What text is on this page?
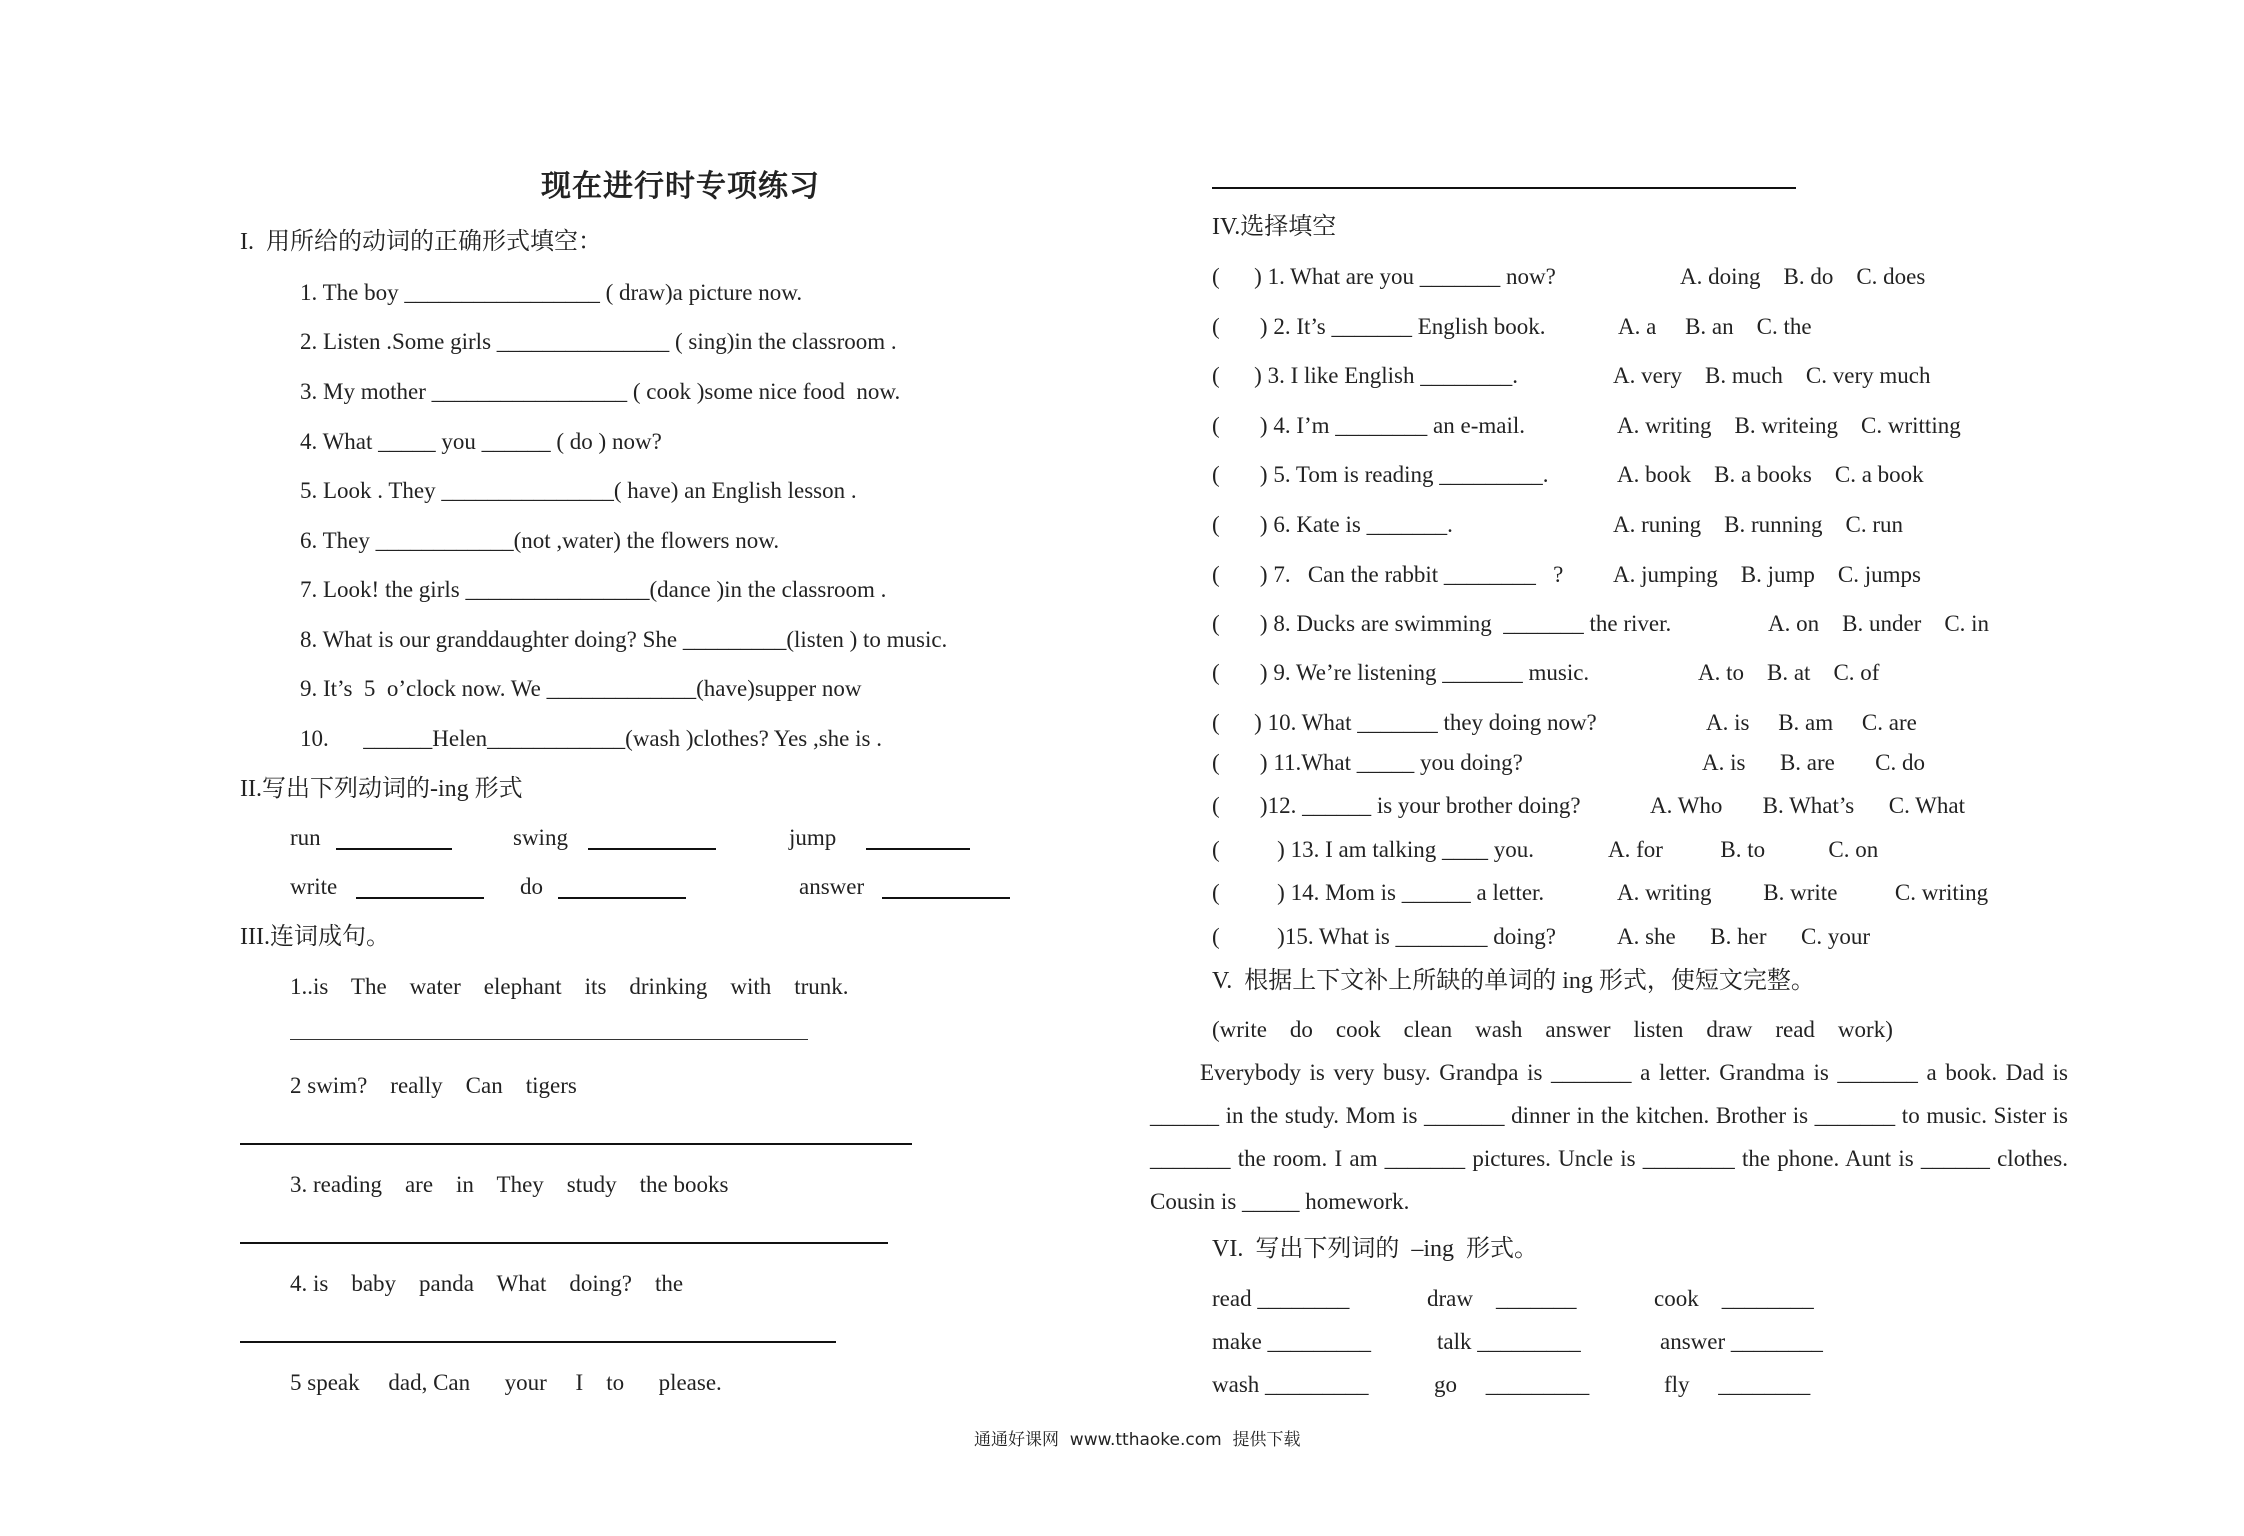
现在进行时专项练习
I.  用所给的动词的正确形式填空：
1. The boy _________________ ( draw)a picture now.
2. Listen .Some girls _______________ ( sing)in the classroom .
3. My mother _________________ ( cook )some nice food  now.
4. What _____ you ______ ( do ) now?
5. Look . They _______________( have) an English lesson .
6. They ____________(not ,water) the flowers now.
7. Look! the girls ________________(dance )in the classroom .
8. What is our granddaughter doing? She _________(listen ) to music.
9. It’s  5  o’clock now. We _____________(have)supper now
10.      ______Helen____________(wash )clothes? Yes ,she is .
II.写出下列动词的-ing 形式
run	swing	jump
write	do	answer
III.连词成句。
1..is    The    water    elephant    its    drinking    with    trunk.
2 swim?    really    Can    tigers
3. reading    are    in    They    study    the books
4. is    baby    panda    What    doing?    the
5 speak     dad, Can      your     I    to      please.
IV.选择填空
(      ) 1. What are you _______ now?	A. doing    B. do    C. does
(       ) 2. It’s _______ English book.	A. a     B. an    C. the
(      ) 3. I like English ________.	A. very    B. much    C. very much
(       ) 4. I’m ________ an e-mail.	A. writing    B. writeing    C. writting
(       ) 5. Tom is reading _________.	A. book    B. a books    C. a book
(       ) 6. Kate is _______.	A. runing    B. running    C. run
(       ) 7.   Can the rabbit ________   ? A. jumping    B. jump    C. jumps
(       ) 8. Ducks are swimming  _______ the river.	A. on    B. under    C. in
(       ) 9. We’re listening _______ music.	A. to    B. at    C. of
(      ) 10. What _______ they doing now?	A. is     B. am     C. are
(       ) 11.What _____ you doing?	A. is      B. are       C. do
(       )12. ______ is your brother doing?	A. Who       B. What’s      C. What
(          ) 13. I am talking ____ you.	A. for          B. to           C. on
(          ) 14. Mom is ______ a letter.	A. writing         B. write          C. writing
(          )15. What is ________ doing?	A. she      B. her      C. your
V.  根据上下文补上所缺的单词的 ing 形式，使短文完整。
(write    do    cook    clean    wash    answer    listen    draw    read    work)
Everybody is very busy. Grandpa is _______ a letter. Grandma is _______ a book. Dad is ______ in the study. Mom is _______ dinner in the kitchen. Brother is _______ to music. Sister is _______ the room. I am _______ pictures. Uncle is ________ the phone. Aunt is ______ clothes. Cousin is _____ homework.
VI.  写出下列词的  –ing  形式。
read ________	draw    _______	cook    ________
make _________	talk _________	answer ________
wash _________	go     _________	fly     ________
通通好课网  www.tthaoke.com  提供下载
